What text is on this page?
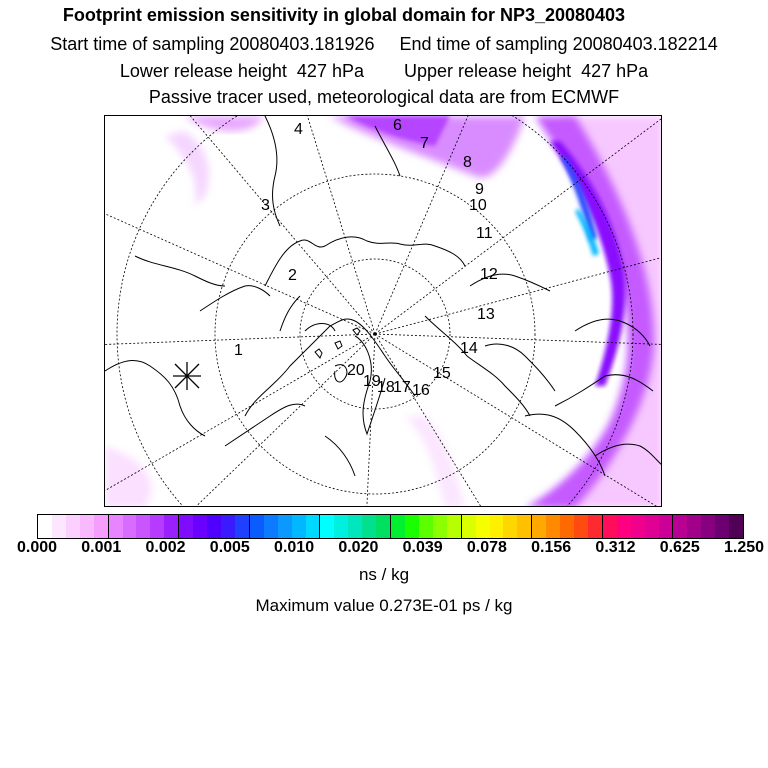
Footprint emission sensitivity in global domain for NP3_20080403
Start time of sampling 20080403.181926     End time of sampling 20080403.182214
Lower release height  427 hPa        Upper release height  427 hPa
Passive tracer used, meteorological data are from ECMWF
1
2
3
4	6
7
8
9
10
11
12
13
14
15
16
17
18
19
20
0.000 0.001 0.002 0.005 0.010 0.020 0.039 0.078 0.156 0.312 0.625 1.250
ns / kg
Maximum value 0.273E-01 ps / kg
